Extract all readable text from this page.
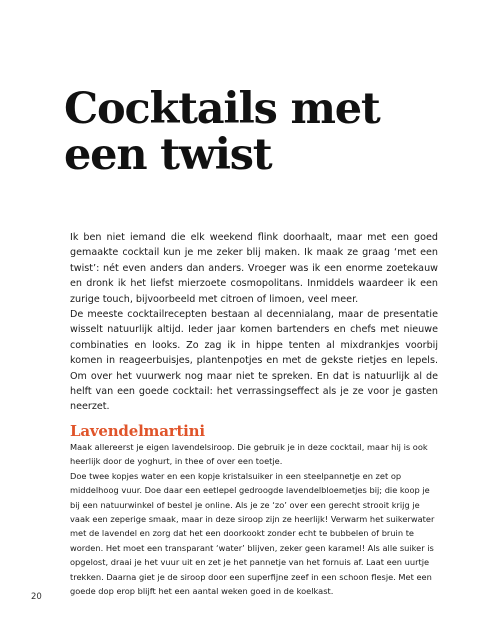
Cocktails met
een twist

Ik ben niet iemand die elk weekend flink doorhaalt, maar met een goed gemaakte cocktail kun je me zeker blij maken. Ik maak ze graag ‘met een twist’: nét even anders dan anders. Vroeger was ik een enorme zoetekauw en dronk ik het liefst mierzoete cosmopolitans. Inmiddels waardeer ik een zurige touch, bijvoorbeeld met citroen of limoen, veel meer.

De meeste cocktailrecepten bestaan al decennialang, maar de presentatie wisselt natuurlijk altijd. Ieder jaar komen bartenders en chefs met nieuwe combinaties en looks. Zo zag ik in hippe tenten al mixdrankjes voorbij komen in reageerbuisjes, plantenpotjes en met de gekste rietjes en lepels. Om over het vuurwerk nog maar niet te spreken. En dat is natuurlijk al de helft van een goede cocktail: het verrassingseffect als je ze voor je gasten neerzet.

Lavendelmartini

Maak allereerst je eigen lavendelsiroop. Die gebruik je in deze cocktail, maar hij is ook heerlijk door de yoghurt, in thee of over een toetje.

Doe twee kopjes water en een kopje kristalsuiker in een steelpannetje en zet op middelhoog vuur. Doe daar een eetlepel gedroogde lavendelbloemetjes bij; die koop je bij een natuurwinkel of bestel je online. Als je ze ‘zo’ over een gerecht strooit krijg je vaak een zeperige smaak, maar in deze siroop zijn ze heerlijk! Verwarm het suikerwater met de lavendel en zorg dat het een doorkookt zonder echt te bubbelen of bruin te worden. Het moet een transparant ‘water’ blijven, zeker geen karamel! Als alle suiker is opgelost, draai je het vuur uit en zet je het pannetje van het fornuis af. Laat een uurtje trekken. Daarna giet je de siroop door een superfijne zeef in een schoon flesje. Met een goede dop erop blijft het een aantal weken goed in de koelkast.

20
